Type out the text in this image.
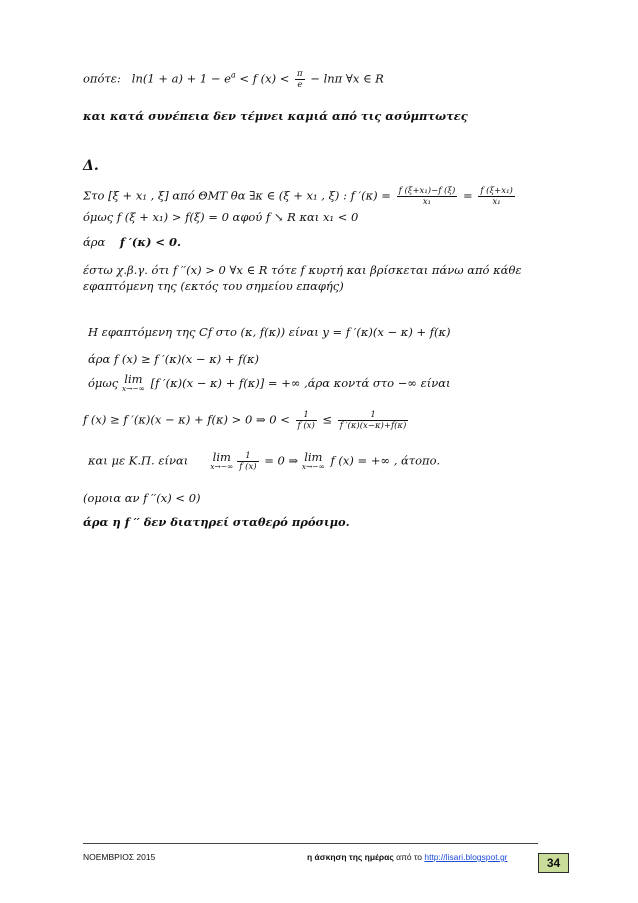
οπότε:   $\ln(1 + a) + 1 - e^a < f$ $(x) < \frac{\pi}{e} - \ln\pi$ ∀x ∈ R
και κατά συνέπεια δεν τέμνει καμιά από τις ασύμπτωτες
Δ.
Στο [ξ + x₁ , ξ] από ΘΜΤ θα ∃κ ∈ (ξ + x₁ , ξ) : f $'(\kappa) = \frac{\text{f (ξ+x₁)−f (ξ)}}{\text{x₁}} = \frac{\text{f (ξ+x₁)}}{\text{x₁}}$
όμως f (ξ + x₁) > f(ξ) = 0 αφού f ↘ R και x₁ < 0
άρα f ′(κ) < 0.
έστω χ.β.γ. ότι f ′′(x) > 0 ∀x ∈ R τότε f κυρτή και βρίσκεται πάνω από κάθε
εφαπτόμενη της (εκτός του σημείου επαφής)
Η εφαπτόμενη της Cf στο (κ, f(κ)) είναι y = f ′(κ)(x − κ) + f(κ)
άρα f (x) ≥ f ′(κ)(x − κ) + f(κ)
όμως lim
x→−∞ [f ′(κ)(x − κ) + f(κ)] = +∞ ,άρα κοντά στο −∞ είναι
f (x) ≥ f ′(κ)(x − κ) + f(κ) > 0 ⇒ $0 < \frac{1}{f (x)} \le \frac{1}{f '(\kappa)(x-\kappa)+f(\kappa)}$
και με Κ.Π. είναι lim
$x\to-\infty \frac{1}{f (x)} = 0$ ⇒ lim
x→−∞ f (x) = +∞ , άτοπο.
(ομοια αν f ′′(x) < 0)
άρα η f ′′ δεν διατηρεί σταθερό πρόσιμο.
ΝΟΕΜΒΡΙΟΣ 2015	η άσκηση της ημέρας από το http://lisari.blogspot.gr	34
